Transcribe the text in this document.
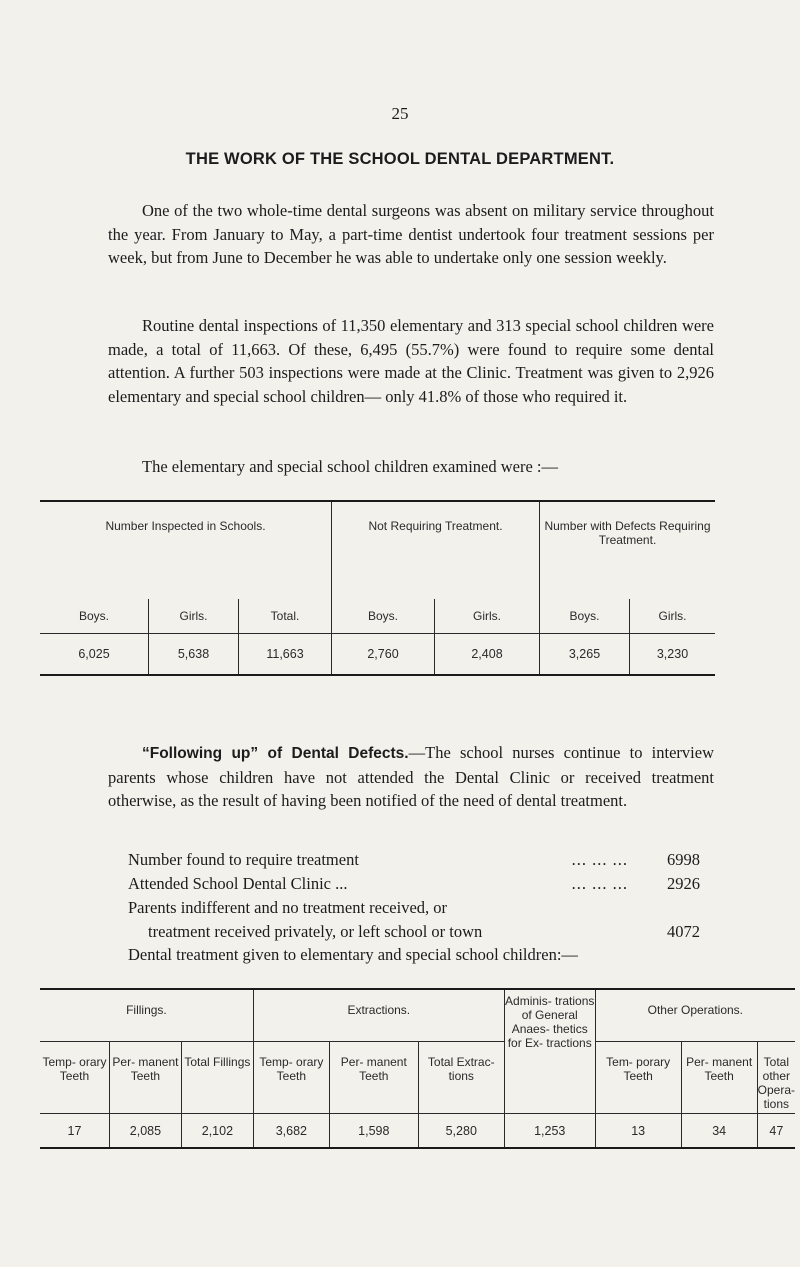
25
THE WORK OF THE SCHOOL DENTAL DEPARTMENT.

One of the two whole-time dental surgeons was absent on military service throughout the year. From January to May, a part-time dentist undertook four treatment sessions per week, but from June to December he was able to undertake only one session weekly.

Routine dental inspections of 11,350 elementary and 313 special school children were made, a total of 11,663. Of these, 6,495 (55.7%) were found to require some dental attention. A further 503 inspections were made at the Clinic. Treatment was given to 2,926 elementary and special school children— only 41.8% of those who required it.

The elementary and special school children examined were :—

Number Inspected in Schools.			Not Requiring Treatment.		Number with Defects Requiring Treatment.	
Boys.	Girls.	Total.	Boys.	Girls.	Boys.	Girls.
6,025	5,638	11,663	2,760	2,408	3,265	3,230

“Following up” of Dental Defects.—The school nurses continue to interview parents whose children have not attended the Dental Clinic or received treatment otherwise, as the result of having been notified of the need of dental treatment.

Number found to require treatment	... ... ...	6998
Attended School Dental Clinic ...	... ... ...	2926
Parents indifferent and no treatment received, or
treatment received privately, or left school or town	4072

Dental treatment given to elementary and special school children:—

Fillings.			Extractions.			Adminis- trations of General Anaes- thetics for Ex- tractions	Other Operations.		
Temp- orary Teeth	Per- manent Teeth	Total Fillings	Temp- orary Teeth	Per- manent Teeth	Total Extrac- tions		Tem- porary Teeth	Per- manent Teeth	Total other Opera- tions
17	2,085	2,102	3,682	1,598	5,280	1,253	13	34	47
